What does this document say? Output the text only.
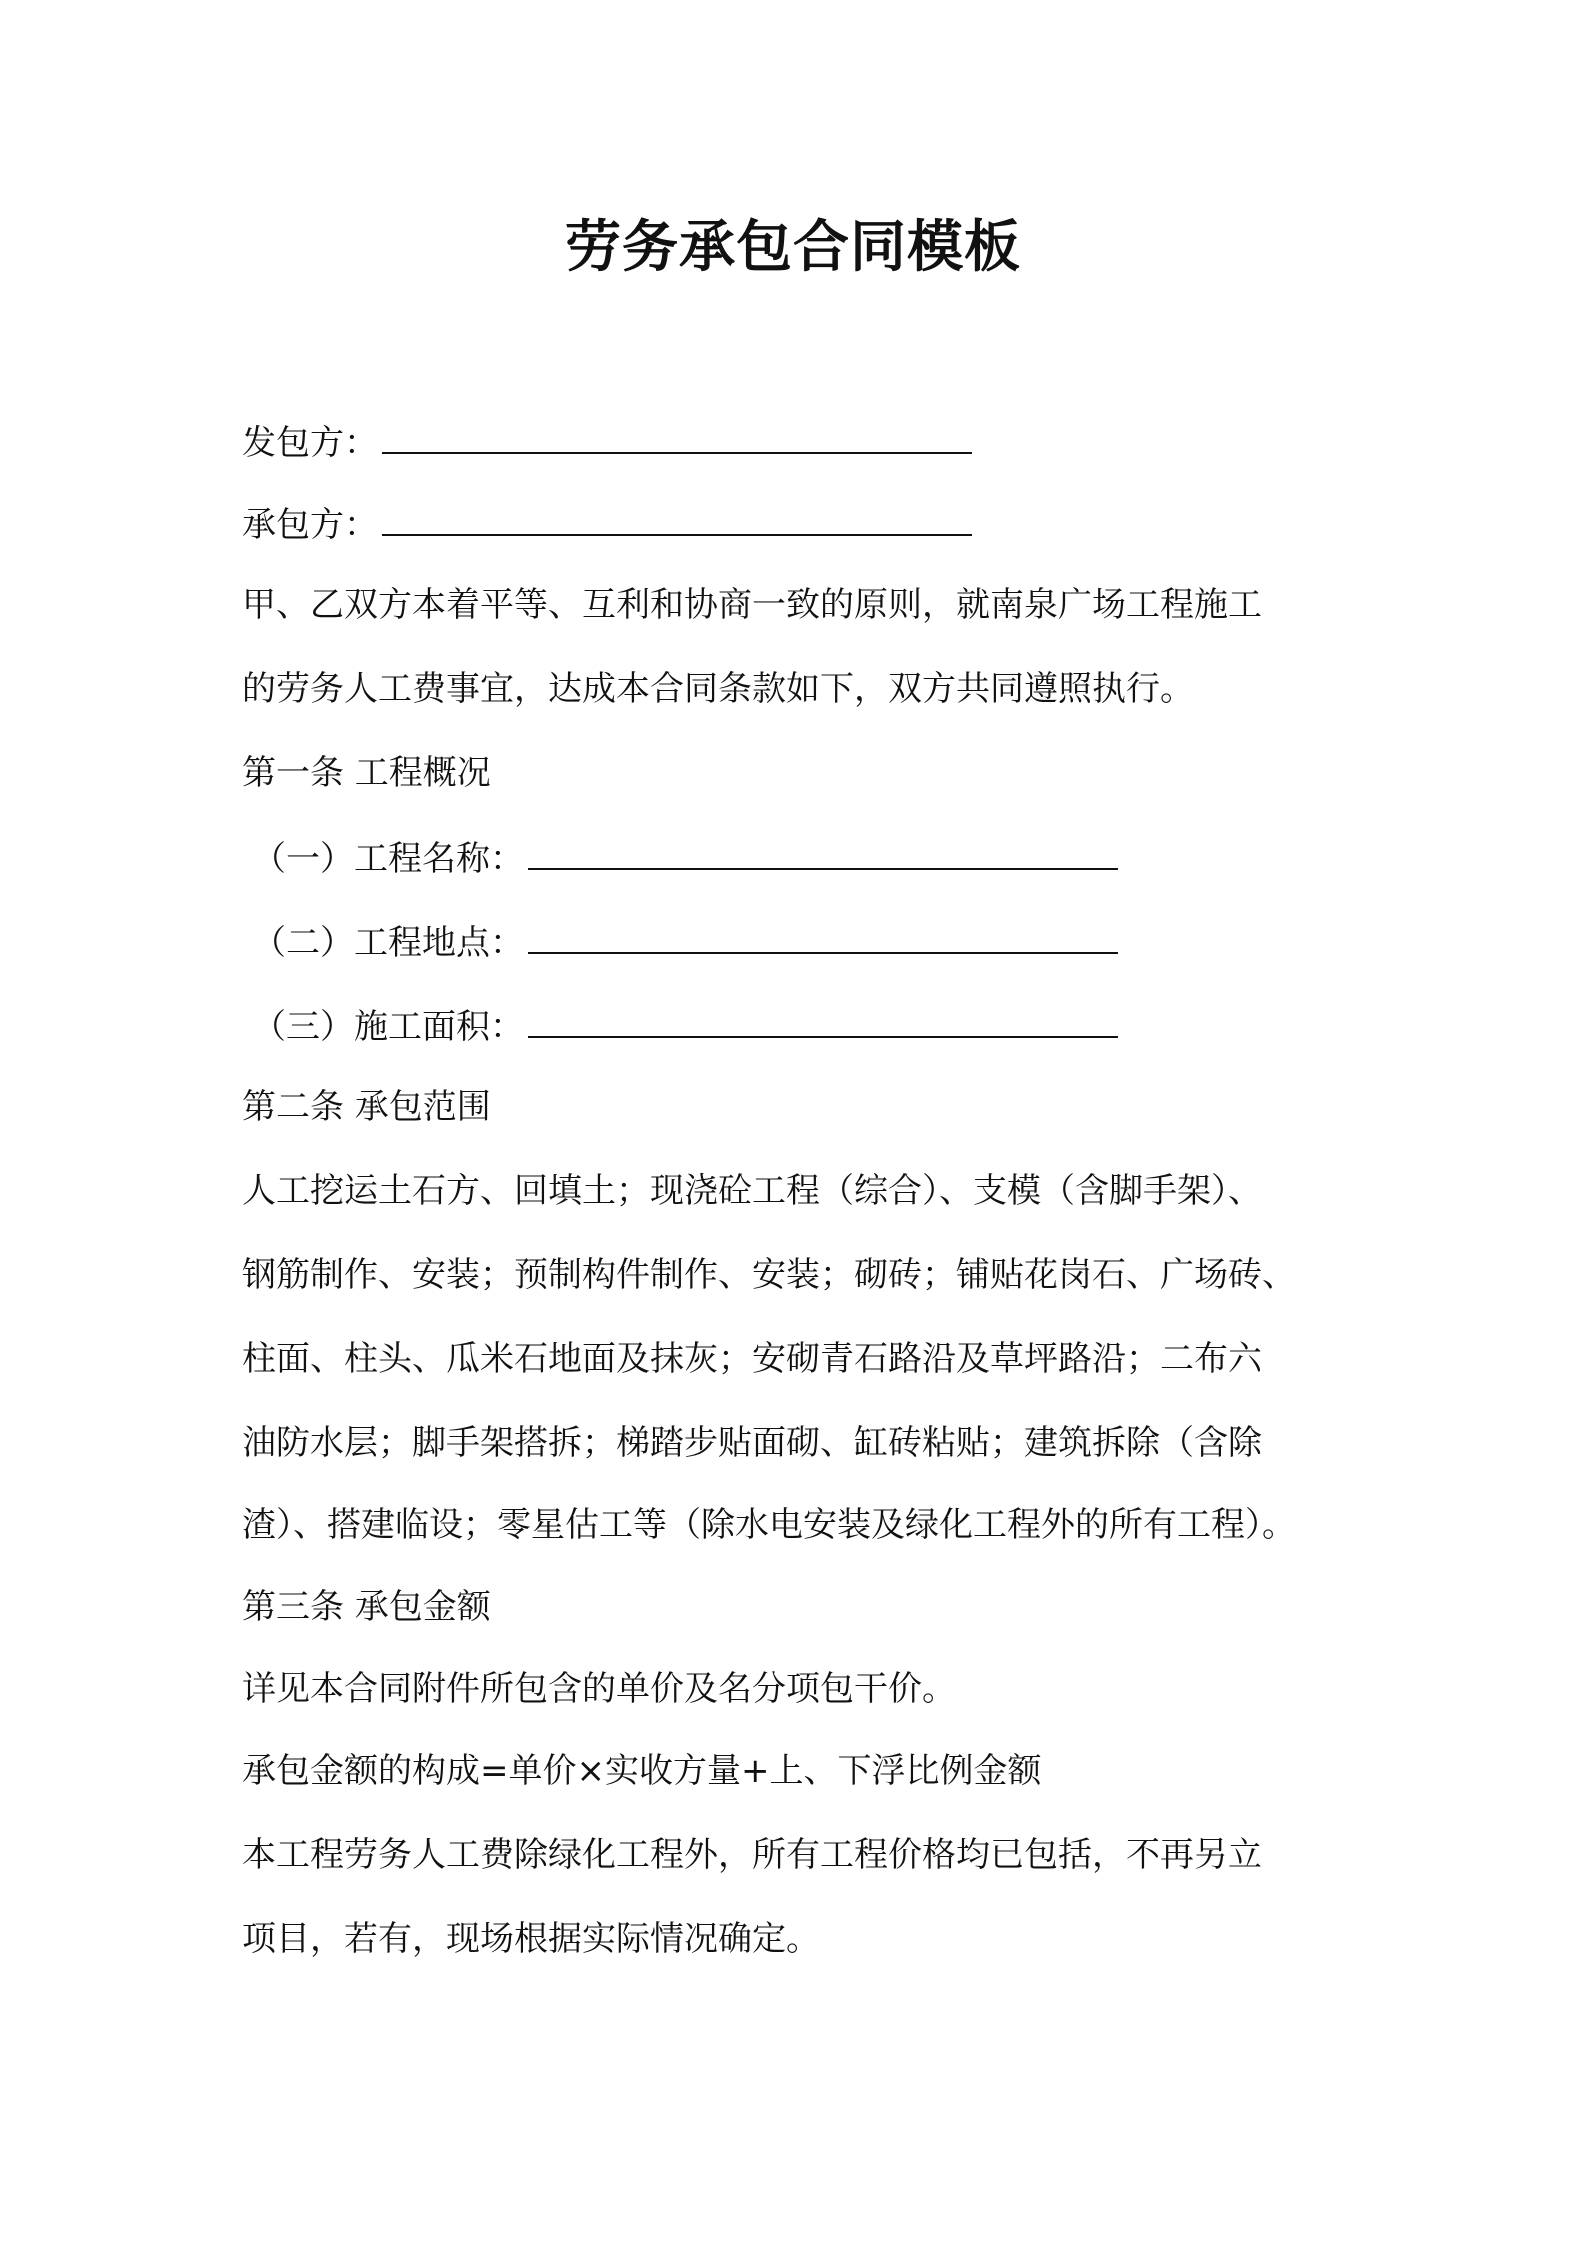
劳务承包合同模板
发包方：
承包方：
甲、乙双方本着平等、互利和协商一致的原则，就南泉广场工程施工
的劳务人工费事宜，达成本合同条款如下，双方共同遵照执行。
第一条 工程概况
（一）工程名称：
（二）工程地点：
（三）施工面积：
第二条 承包范围
人工挖运土石方、回填土；现浇砼工程（综合）、支模（含脚手架）、
钢筋制作、安装；预制构件制作、安装；砌砖；铺贴花岗石、广场砖、
柱面、柱头、瓜米石地面及抹灰；安砌青石路沿及草坪路沿；二布六
油防水层；脚手架搭拆；梯踏步贴面砌、缸砖粘贴；建筑拆除（含除
渣）、搭建临设；零星估工等（除水电安装及绿化工程外的所有工程）。
第三条 承包金额
详见本合同附件所包含的单价及名分项包干价。
承包金额的构成=单价×实收方量+上、下浮比例金额
本工程劳务人工费除绿化工程外，所有工程价格均已包括，不再另立
项目，若有，现场根据实际情况确定。
